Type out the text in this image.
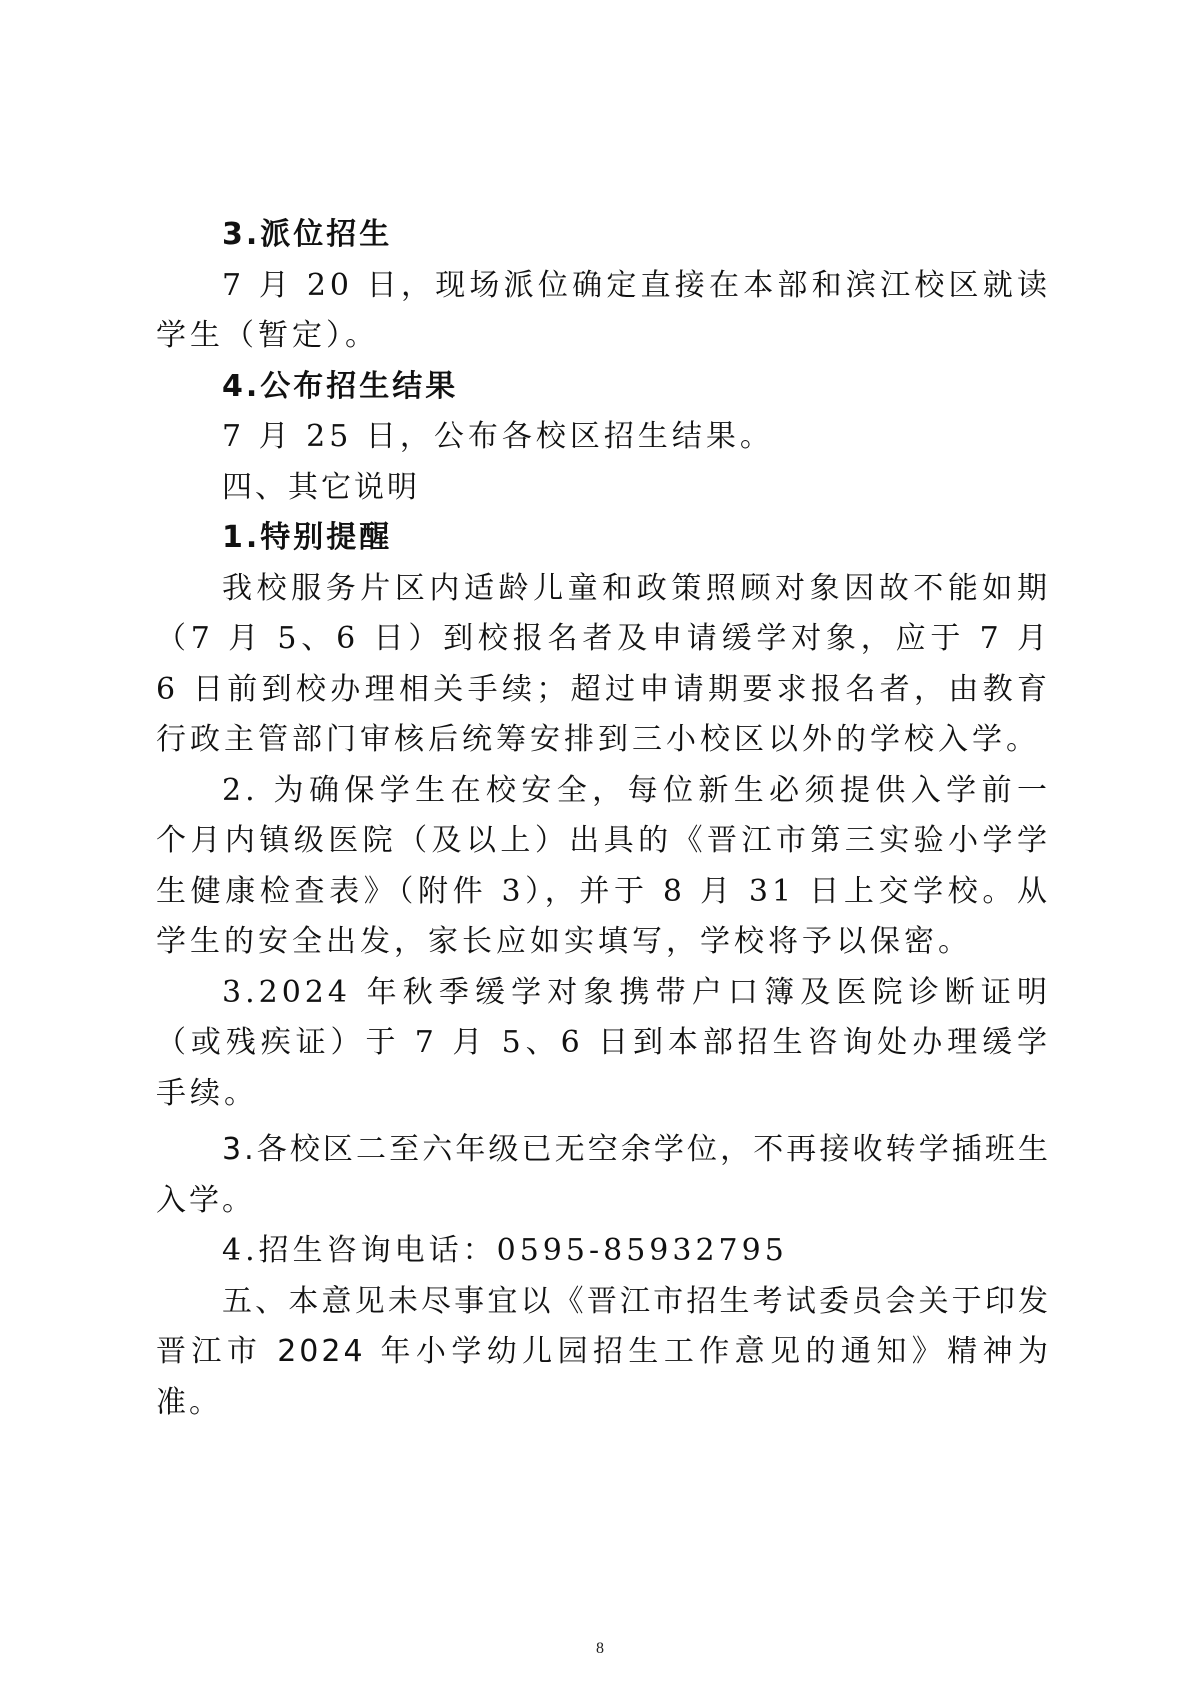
3.派位招生

7 月 20 日，现场派位确定直接在本部和滨江校区就读学生（暂定）。

4.公布招生结果

7 月 25 日，公布各校区招生结果。

四、其它说明

1.特别提醒

我校服务片区内适龄儿童和政策照顾对象因故不能如期（7 月 5、6 日）到校报名者及申请缓学对象，应于 7 月 6 日前到校办理相关手续；超过申请期要求报名者，由教育行政主管部门审核后统筹安排到三小校区以外的学校入学。

2. 为确保学生在校安全，每位新生必须提供入学前一个月内镇级医院（及以上）出具的《晋江市第三实验小学学生健康检查表》（附件 3），并于 8 月 31 日上交学校。从学生的安全出发，家长应如实填写，学校将予以保密。

3.2024 年秋季缓学对象携带户口簿及医院诊断证明（或残疾证）于 7 月 5、6 日到本部招生咨询处办理缓学手续。

3.各校区二至六年级已无空余学位，不再接收转学插班生入学。

4.招生咨询电话：0595-85932795

五、本意见未尽事宜以《晋江市招生考试委员会关于印发晋江市 2024 年小学幼儿园招生工作意见的通知》精神为准。

8
